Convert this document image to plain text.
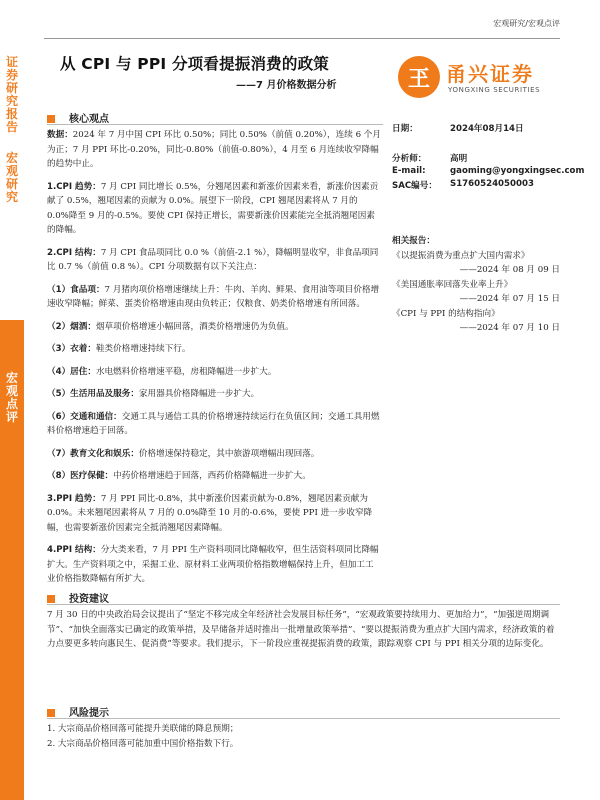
宏观研究/宏观点评
证券研究报告
宏观研究
宏观点评
从 CPI 与 PPI 分项看提振消费的政策
——7 月价格数据分析	玊 甬兴证券
YONGXING SECURITIES
核心观点

数据：2024 年 7 月中国 CPI 环比 0.50%；同比 0.50%（前值 0.20%），连续 6 个月为正；7 月 PPI 环比-0.20%，同比-0.80%（前值-0.80%），4 月至 6 月连续收窄降幅的趋势中止。

1.CPI 趋势：7 月 CPI 同比增长 0.5%，分翘尾因素和新涨价因素来看，新涨价因素贡献了 0.5%，翘尾因素的贡献为 0.0%。展望下一阶段，CPI 翘尾因素将从 7 月的 0.0%降至 9 月的-0.5%。要使 CPI 保持正增长，需要新涨价因素能完全抵消翘尾因素的降幅。

2.CPI 结构：7 月 CPI 食品项同比 0.0 %（前值-2.1 %），降幅明显收窄，非食品项同比 0.7 %（前值 0.8 %）。CPI 分项数据有以下关注点：

（1）食品项：7 月猪肉项价格增速继续上升：牛肉、羊肉、鲜果、食用油等项目价格增速收窄降幅；鲜菜、蛋类价格增速由现由负转正；仅粮食、奶类价格增速有所回落。

（2）烟酒：烟草项价格增速小幅回落，酒类价格增速仍为负值。

（3）衣着：鞋类价格增速持续下行。

（4）居住：水电燃料价格增速平稳，房租降幅进一步扩大。

（5）生活用品及服务：家用器具价格降幅进一步扩大。

（6）交通和通信：交通工具与通信工具的价格增速持续运行在负值区间；交通工具用燃料价格增速趋于回落。

（7）教育文化和娱乐：价格增速保持稳定，其中旅游项增幅出现回落。

（8）医疗保健：中药价格增速趋于回落，西药价格降幅进一步扩大。

3.PPI 趋势：7 月 PPI 同比-0.8%，其中新涨价因素贡献为-0.8%，翘尾因素贡献为 0.0%。未来翘尾因素将从 7 月的 0.0%降至 10 月的-0.6%，要使 PPI 进一步收窄降幅，也需要新涨价因素完全抵消翘尾因素降幅。

4.PPI 结构：分大类来看，7 月 PPI 生产资料项同比降幅收窄，但生活资料项同比降幅扩大。生产资料项之中，采掘工业、原材料工业两项价格指数增幅保持上升，但加工工业价格指数降幅有所扩大。

日期：	2024年08月14日
分析师：	高明
E-mail:	gaoming@yongxingsec.com
SAC编号： S1760524050003
相关报告：
《以提振消费为重点扩大国内需求》
——2024 年 08 月 09 日
《美国通胀率回落失业率上升》
——2024 年 07 月 15 日
《CPI 与 PPI 的结构指向》
——2024 年 07 月 10 日
投资建议
7 月 30 日的中央政治局会议提出了“坚定不移完成全年经济社会发展目标任务”，“宏观政策要持续用力、更加给力”，“加强逆周期调节”、“加快全面落实已确定的政策举措，及早储备并适时推出一批增量政策举措”、“要以提振消费为重点扩大国内需求，经济政策的着力点要更多转向惠民生、促消费”等要求。我们提示，下一阶段应重视提振消费的政策，跟踪观察 CPI 与 PPI 相关分项的边际变化。
风险提示
1. 大宗商品价格回落可能提升美联储的降息预期；
2. 大宗商品价格回落可能加重中国价格指数下行。
